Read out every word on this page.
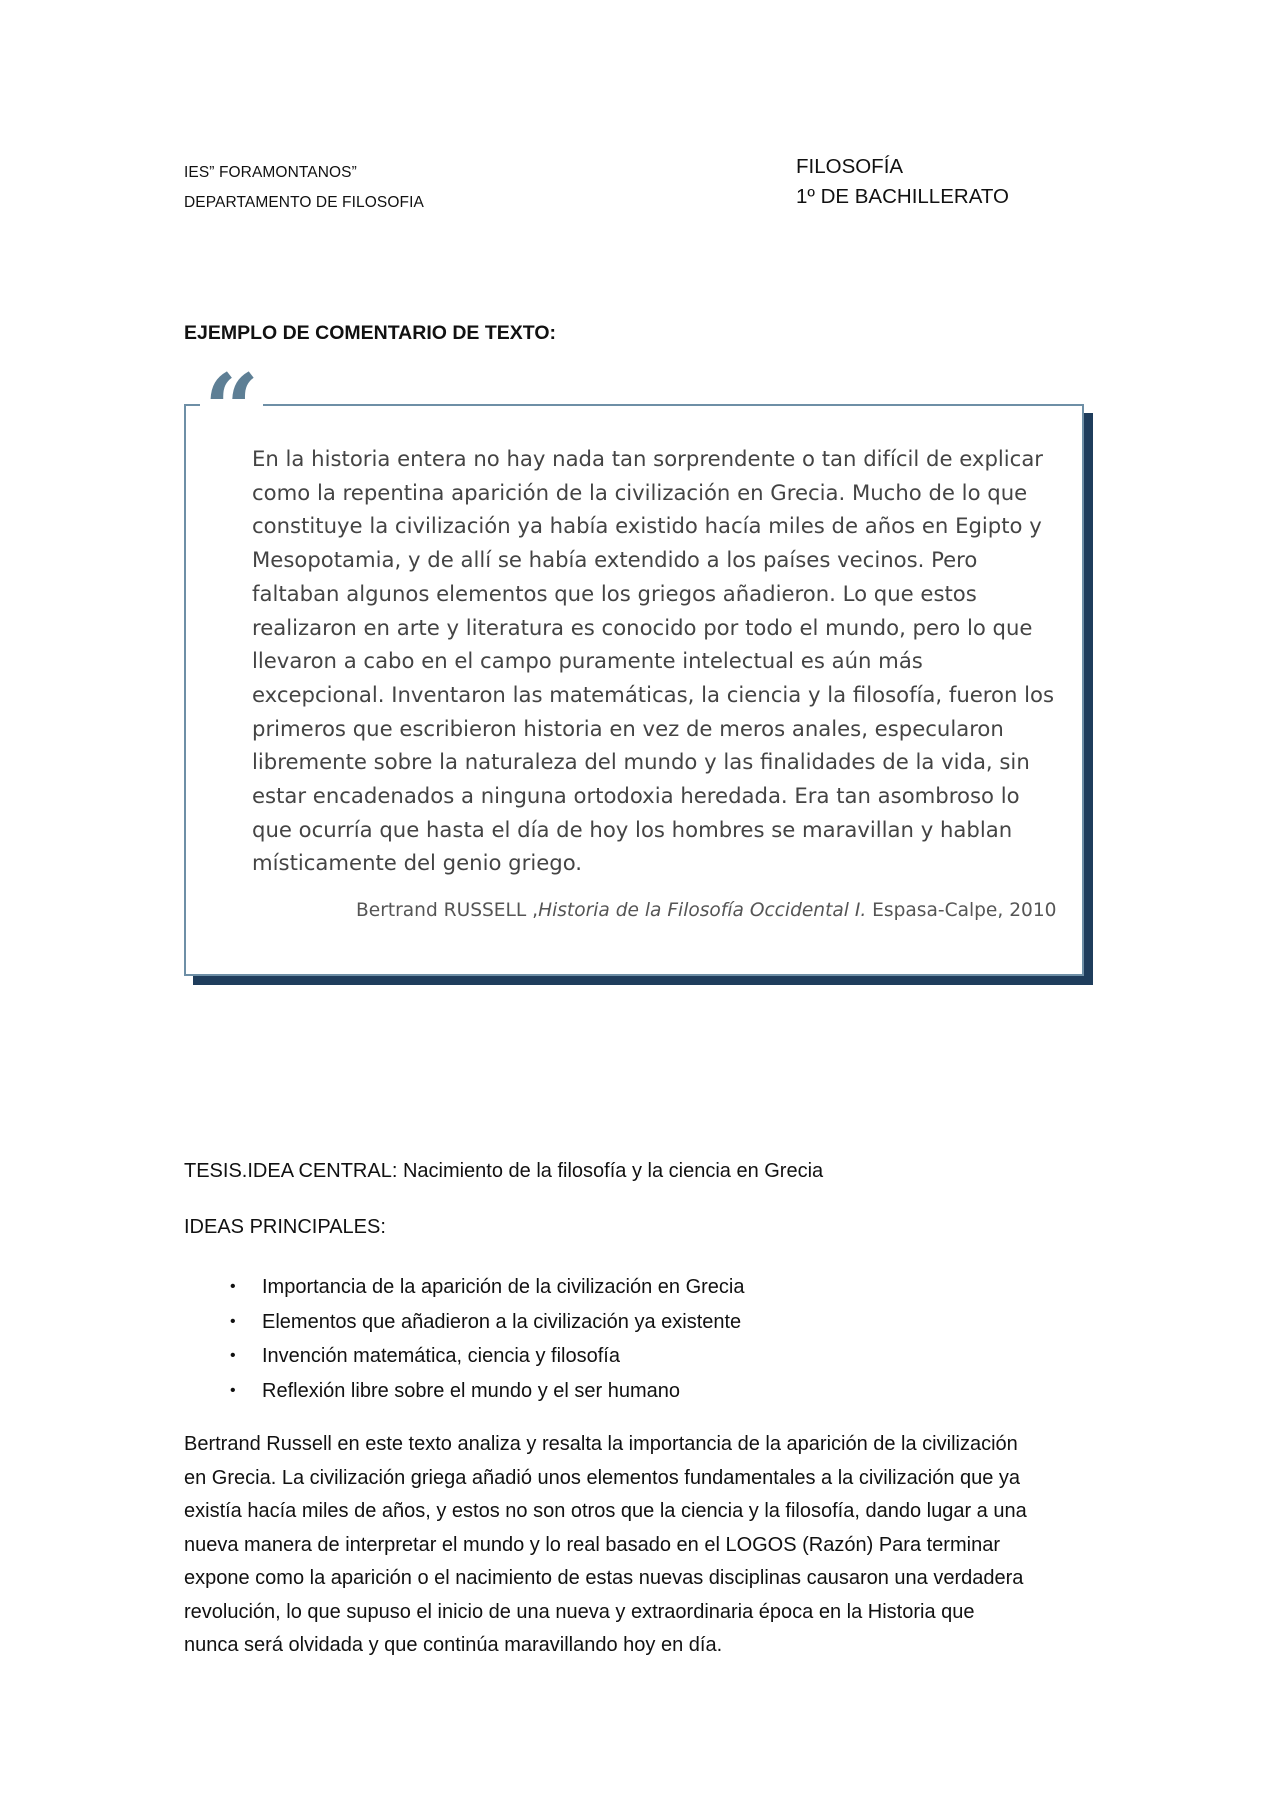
IES” FORAMONTANOS”
DEPARTAMENTO DE FILOSOFIA
FILOSOFÍA
1º DE BACHILLERATO
EJEMPLO DE COMENTARIO DE TEXTO:
“
En la historia entera no hay nada tan sorprendente o tan difícil de explicar
como la repentina aparición de la civilización en Grecia. Mucho de lo que
constituye la civilización ya había existido hacía miles de años en Egipto y
Mesopotamia, y de allí se había extendido a los países vecinos. Pero
faltaban algunos elementos que los griegos añadieron. Lo que estos
realizaron en arte y literatura es conocido por todo el mundo, pero lo que
llevaron a cabo en el campo puramente intelectual es aún más
excepcional. Inventaron las matemáticas, la ciencia y la filosofía, fueron los
primeros que escribieron historia en vez de meros anales, especularon
libremente sobre la naturaleza del mundo y las finalidades de la vida, sin
estar encadenados a ninguna ortodoxia heredada. Era tan asombroso lo
que ocurría que hasta el día de hoy los hombres se maravillan y hablan
místicamente del genio griego.
Bertrand RUSSELL ,Historia de la Filosofía Occidental I. Espasa-Calpe, 2010
TESIS.IDEA CENTRAL: Nacimiento de la filosofía y la ciencia en Grecia
IDEAS PRINCIPALES:
• Importancia de la aparición de la civilización en Grecia
• Elementos que añadieron a la civilización ya existente
• Invención matemática, ciencia y filosofía
• Reflexión libre sobre el mundo y el ser humano
Bertrand Russell en este texto analiza y resalta la importancia de la aparición de la civilización
en Grecia. La civilización griega añadió unos elementos fundamentales a la civilización que ya
existía hacía miles de años, y estos no son otros que la ciencia y la filosofía, dando lugar a una
nueva manera de interpretar el mundo y lo real basado en el LOGOS (Razón) Para terminar
expone como la aparición o el nacimiento de estas nuevas disciplinas causaron una verdadera
revolución, lo que supuso el inicio de una nueva y extraordinaria época en la Historia que
nunca será olvidada y que continúa maravillando hoy en día.
